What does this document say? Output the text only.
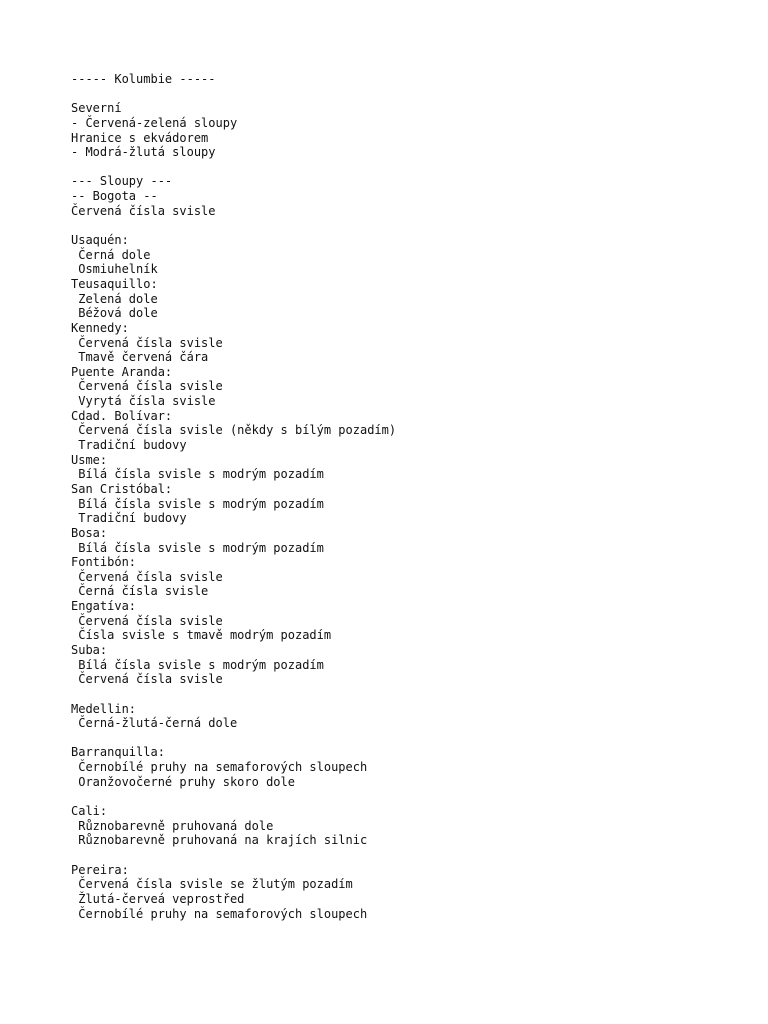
----- Kolumbie -----
Severní
- Červená-zelená sloupy
Hranice s ekvádorem
- Modrá-žlutá sloupy
--- Sloupy ---
-- Bogota --
Červená čísla svisle
Usaquén:
Černá dole
Osmiuhelník
Teusaquillo:
Zelená dole
Béžová dole
Kennedy:
Červená čísla svisle
Tmavě červená čára
Puente Aranda:
Červená čísla svisle
Vyrytá čísla svisle
Cdad. Bolívar:
Červená čísla svisle (někdy s bílým pozadím)
Tradiční budovy
Usme:
Bílá čísla svisle s modrým pozadím
San Cristóbal:
Bílá čísla svisle s modrým pozadím
Tradiční budovy
Bosa:
Bílá čísla svisle s modrým pozadím
Fontibón:
Červená čísla svisle
Černá čísla svisle
Engatíva:
Červená čísla svisle
Čísla svisle s tmavě modrým pozadím
Suba:
Bílá čísla svisle s modrým pozadím
Červená čísla svisle
Medellin:
Černá-žlutá-černá dole
Barranquilla:
Černobílé pruhy na semaforových sloupech
Oranžovočerné pruhy skoro dole
Cali:
Různobarevně pruhovaná dole
Různobarevně pruhovaná na krajích silnic
Pereira:
Červená čísla svisle se žlutým pozadím
Žlutá-červeá veprostřed
Černobílé pruhy na semaforových sloupech
